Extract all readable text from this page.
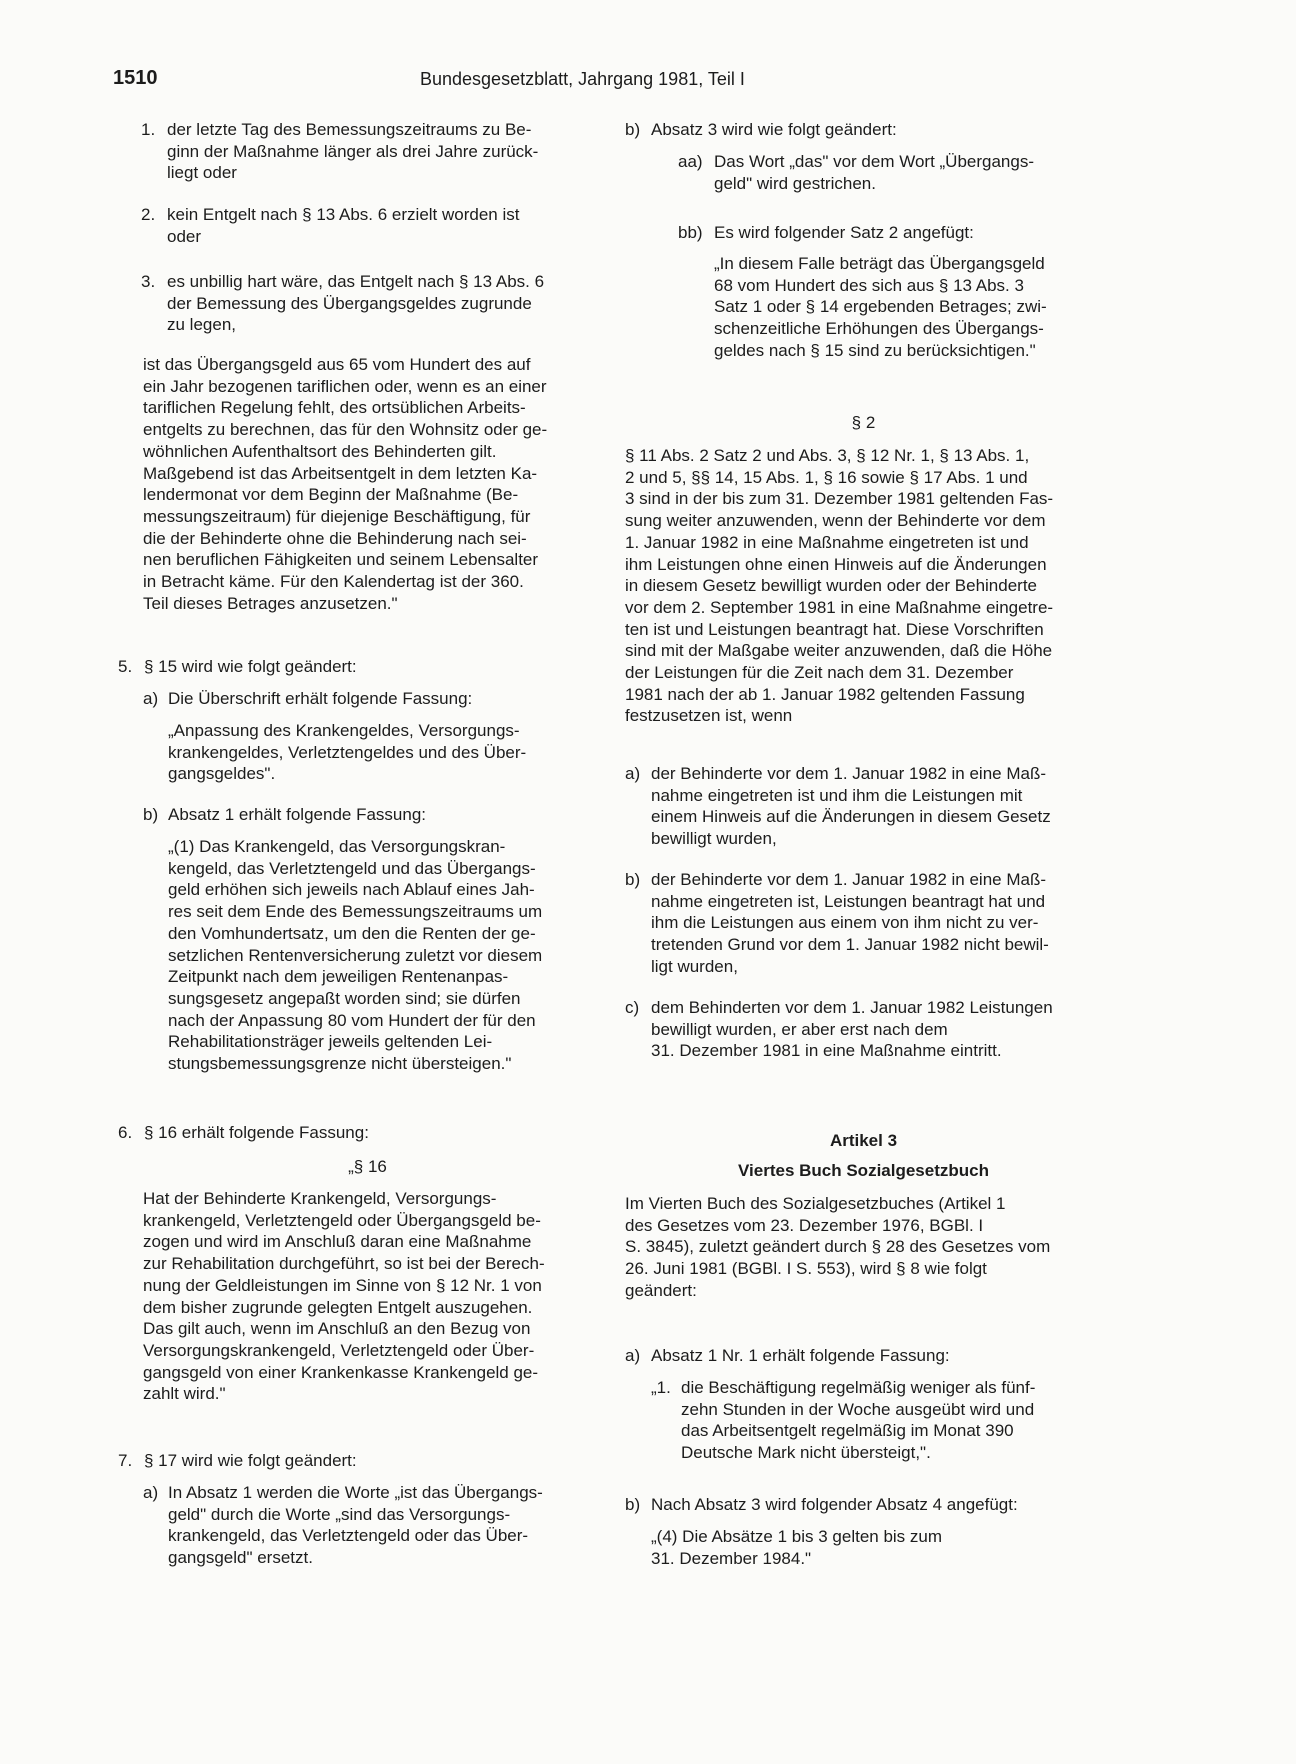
1510	Bundesgesetzblatt, Jahrgang 1981, Teil I
1. der letzte Tag des Bemessungszeitraums zu Be-
ginn der Maßnahme länger als drei Jahre zurück-
liegt oder
2. kein Entgelt nach § 13 Abs. 6 erzielt worden ist
oder
3. es unbillig hart wäre, das Entgelt nach § 13 Abs. 6
der Bemessung des Übergangsgeldes zugrunde
zu legen,
ist das Übergangsgeld aus 65 vom Hundert des auf
ein Jahr bezogenen tariflichen oder, wenn es an einer
tariflichen Regelung fehlt, des ortsüblichen Arbeits-
entgelts zu berechnen, das für den Wohnsitz oder ge-
wöhnlichen Aufenthaltsort des Behinderten gilt.
Maßgebend ist das Arbeitsentgelt in dem letzten Ka-
lendermonat vor dem Beginn der Maßnahme (Be-
messungszeitraum) für diejenige Beschäftigung, für
die der Behinderte ohne die Behinderung nach sei-
nen beruflichen Fähigkeiten und seinem Lebensalter
in Betracht käme. Für den Kalendertag ist der 360.
Teil dieses Betrages anzusetzen."
5. § 15 wird wie folgt geändert:
a) Die Überschrift erhält folgende Fassung:
„Anpassung des Krankengeldes, Versorgungs-
krankengeldes, Verletztengeldes und des Über-
gangsgeldes".
b) Absatz 1 erhält folgende Fassung:
„(1) Das Krankengeld, das Versorgungskran-
kengeld, das Verletztengeld und das Übergangs-
geld erhöhen sich jeweils nach Ablauf eines Jah-
res seit dem Ende des Bemessungszeitraums um
den Vomhundertsatz, um den die Renten der ge-
setzlichen Rentenversicherung zuletzt vor diesem
Zeitpunkt nach dem jeweiligen Rentenanpas-
sungsgesetz angepaßt worden sind; sie dürfen
nach der Anpassung 80 vom Hundert der für den
Rehabilitationsträger jeweils geltenden Lei-
stungsbemessungsgrenze nicht übersteigen."
6. § 16 erhält folgende Fassung:
„§ 16
Hat der Behinderte Krankengeld, Versorgungs-
krankengeld, Verletztengeld oder Übergangsgeld be-
zogen und wird im Anschluß daran eine Maßnahme
zur Rehabilitation durchgeführt, so ist bei der Berech-
nung der Geldleistungen im Sinne von § 12 Nr. 1 von
dem bisher zugrunde gelegten Entgelt auszugehen.
Das gilt auch, wenn im Anschluß an den Bezug von
Versorgungskrankengeld, Verletztengeld oder Über-
gangsgeld von einer Krankenkasse Krankengeld ge-
zahlt wird."
7. § 17 wird wie folgt geändert:
a) In Absatz 1 werden die Worte „ist das Übergangs-
geld" durch die Worte „sind das Versorgungs-
krankengeld, das Verletztengeld oder das Über-
gangsgeld" ersetzt.
b) Absatz 3 wird wie folgt geändert:
aa) Das Wort „das" vor dem Wort „Übergangs-
geld" wird gestrichen.
bb) Es wird folgender Satz 2 angefügt:
„In diesem Falle beträgt das Übergangsgeld
68 vom Hundert des sich aus § 13 Abs. 3
Satz 1 oder § 14 ergebenden Betrages; zwi-
schenzeitliche Erhöhungen des Übergangs-
geldes nach § 15 sind zu berücksichtigen."
§ 2
§ 11 Abs. 2 Satz 2 und Abs. 3, § 12 Nr. 1, § 13 Abs. 1,
2 und 5, §§ 14, 15 Abs. 1, § 16 sowie § 17 Abs. 1 und
3 sind in der bis zum 31. Dezember 1981 geltenden Fas-
sung weiter anzuwenden, wenn der Behinderte vor dem
1. Januar 1982 in eine Maßnahme eingetreten ist und
ihm Leistungen ohne einen Hinweis auf die Änderungen
in diesem Gesetz bewilligt wurden oder der Behinderte
vor dem 2. September 1981 in eine Maßnahme eingetre-
ten ist und Leistungen beantragt hat. Diese Vorschriften
sind mit der Maßgabe weiter anzuwenden, daß die Höhe
der Leistungen für die Zeit nach dem 31. Dezember
1981 nach der ab 1. Januar 1982 geltenden Fassung
festzusetzen ist, wenn
a) der Behinderte vor dem 1. Januar 1982 in eine Maß-
nahme eingetreten ist und ihm die Leistungen mit
einem Hinweis auf die Änderungen in diesem Gesetz
bewilligt wurden,
b) der Behinderte vor dem 1. Januar 1982 in eine Maß-
nahme eingetreten ist, Leistungen beantragt hat und
ihm die Leistungen aus einem von ihm nicht zu ver-
tretenden Grund vor dem 1. Januar 1982 nicht bewil-
ligt wurden,
c) dem Behinderten vor dem 1. Januar 1982 Leistungen
bewilligt wurden, er aber erst nach dem
31. Dezember 1981 in eine Maßnahme eintritt.
Artikel 3
Viertes Buch Sozialgesetzbuch
Im Vierten Buch des Sozialgesetzbuches (Artikel 1
des Gesetzes vom 23. Dezember 1976, BGBl. I
S. 3845), zuletzt geändert durch § 28 des Gesetzes vom
26. Juni 1981 (BGBl. I S. 553), wird § 8 wie folgt
geändert:
a) Absatz 1 Nr. 1 erhält folgende Fassung:
„1. die Beschäftigung regelmäßig weniger als fünf-
zehn Stunden in der Woche ausgeübt wird und
das Arbeitsentgelt regelmäßig im Monat 390
Deutsche Mark nicht übersteigt,".
b) Nach Absatz 3 wird folgender Absatz 4 angefügt:
„(4) Die Absätze 1 bis 3 gelten bis zum
31. Dezember 1984."
